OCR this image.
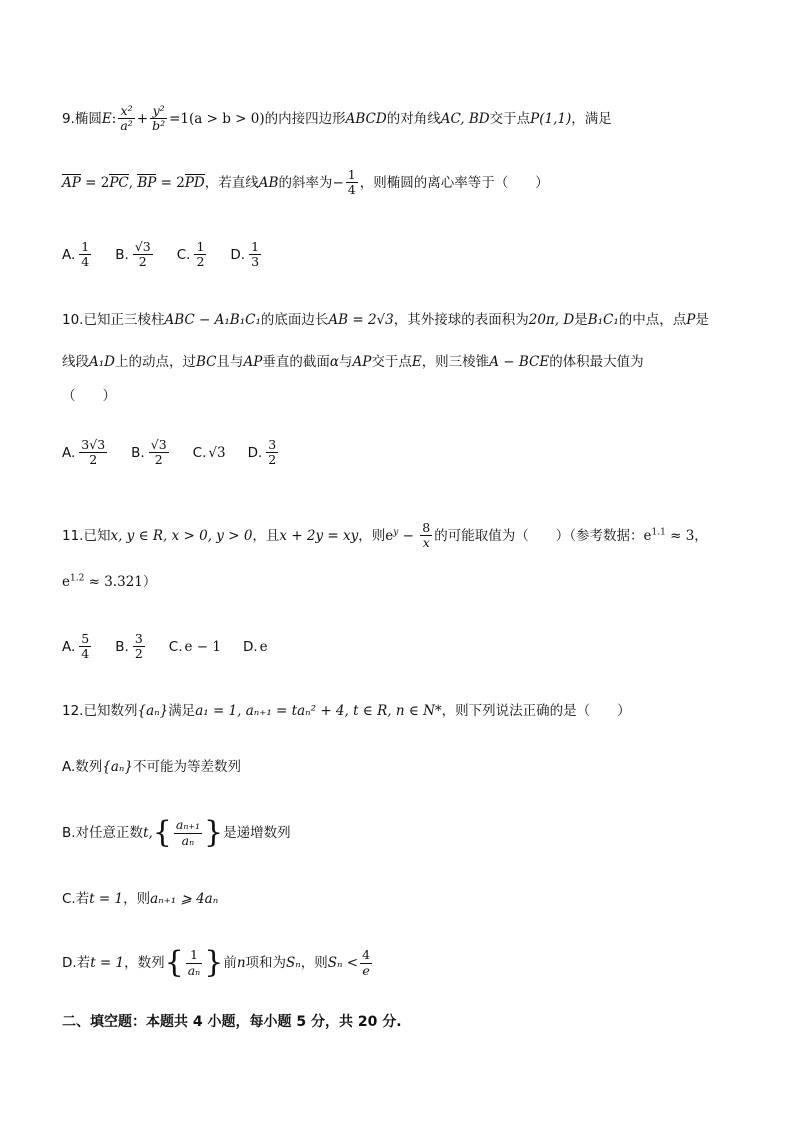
9.椭圆E: $\frac{\text{x²}}{\text{a²}} + \frac{\text{y²}}{\text{b²}} =1(a > b > 0)$的内接四边形ABCD的对角线AC, BD交于点P(1,1)，满足
AP = 2PC, BP = 2PD，若直线AB的斜率为− $\frac{1}{4}$ ，则椭圆的离心率等于（　　）
A. $\frac{1}{4} B$. $\frac{√3}{2} C$. $\frac{1}{2} D$. $\frac{1}{3}$
10.已知正三棱柱ABC − A₁B₁C₁的底面边长AB = 2√3，其外接球的表面积为20π, D是B₁C₁的中点，点P是
线段A₁D上的动点，过BC且与AP垂直的截面α与AP交于点E，则三棱锥A − BCE的体积最大值为
（　　）
A. $\frac{3√3}{2} B$. $\frac{√3}{2} C$. √3 D. $\frac{3}{2}$
11.已知x, y ∈ R, x > 0, y > 0，且x + 2y = xy，则$e^y - \frac{8}{x}$ 的可能取值为（　　）（参考数据：$e^{1.1} \approx 3$，
$e^{1.2} \approx 3.321$）
A. $\frac{5}{4} B$. $\frac{3}{2} C$. e − 1 D. e
12.已知数列{aₙ}满足a₁ = 1, aₙ₊₁ = taₙ² + 4, t ∈ R, n ∈ N*，则下列说法正确的是（　　）
A.数列{aₙ}不可能为等差数列
B.对任意正数$t,\{ \frac{\text{aₙ₊₁}}{\text{aₙ}}$ }是递增数列
C.若t = 1，则aₙ₊₁ ⩾ 4aₙ
D.若t = 1，数列{ $\frac{1}{\text{aₙ}}$ }前n项和为Sₙ，则$S_n < \frac{4}{e}$
二、填空题：本题共 4 小题，每小题 5 分，共 20 分.
